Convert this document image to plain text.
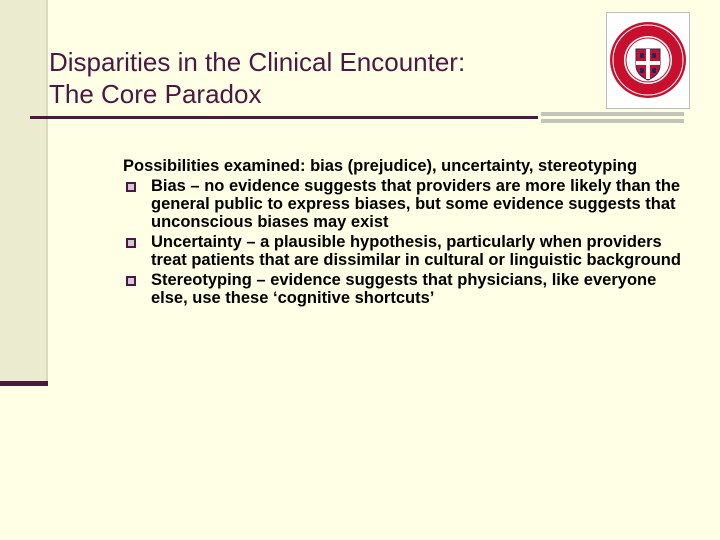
Disparities in the Clinical Encounter:
The Core Paradox
Possibilities examined: bias (prejudice), uncertainty, stereotyping
Bias – no evidence suggests that providers are more likely than the general public to express biases, but some evidence suggests that unconscious biases may exist
Uncertainty – a plausible hypothesis, particularly when providers treat patients that are dissimilar in cultural or linguistic background
Stereotyping – evidence suggests that physicians, like everyone else, use these ‘cognitive shortcuts’
